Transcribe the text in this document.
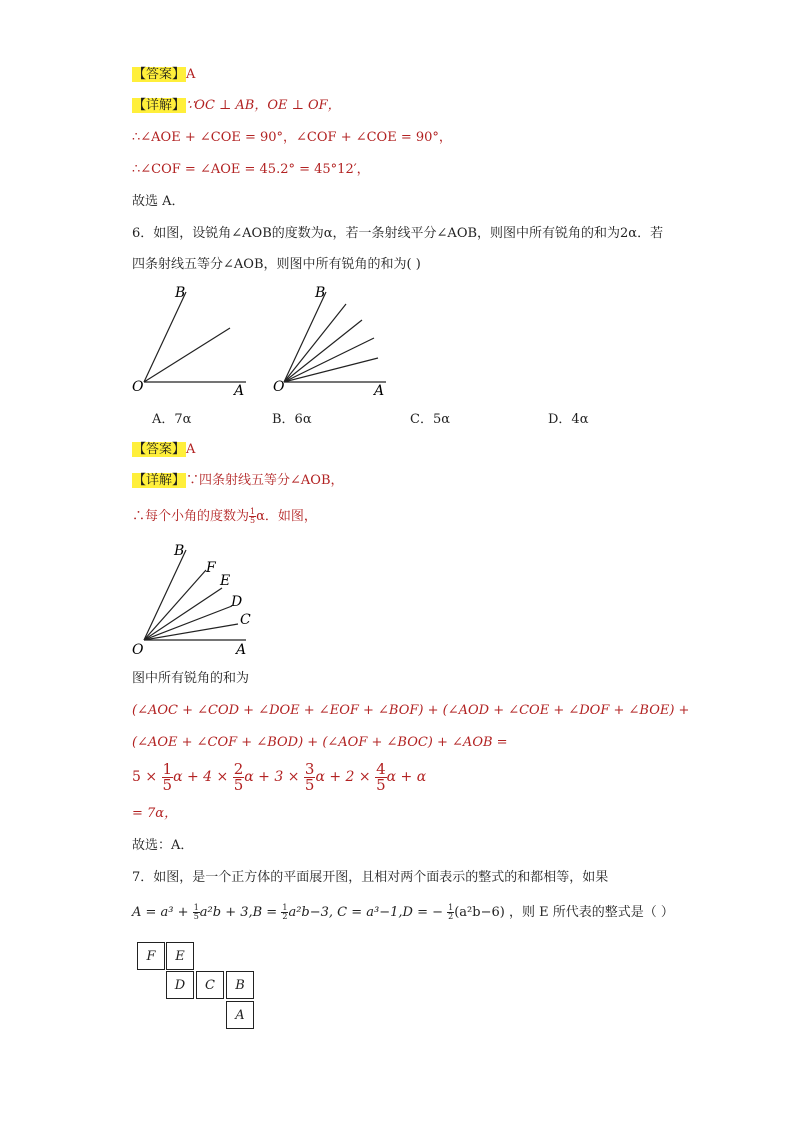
【答案】A
【详解】∵OC ⊥ AB，OE ⊥ OF，
∴∠AOE + ∠COE = 90°，∠COF + ∠COE = 90°，
∴∠COF = ∠AOE = 45.2° = 45°12′，
故选 A．
6．如图，设锐角∠AOB的度数为α，若一条射线平分∠AOB，则图中所有锐角的和为2α．若
四条射线五等分∠AOB，则图中所有锐角的和为( )
B
O	A
B
O	A
A．7α	B．6α	C．5α	D．4α
【答案】A
【详解】∵四条射线五等分∠AOB，
∴每个小角的度数为 $\frac{1}{5}$ α．如图，
B
F
E
D
C
O	A
图中所有锐角的和为
(∠AOC + ∠COD + ∠DOE + ∠EOF + ∠BOF) + (∠AOD + ∠COE + ∠DOF + ∠BOE) +
(∠AOE + ∠COF + ∠BOD) + (∠AOF + ∠BOC) + ∠AOB =
$5 \times \frac{1}{5}$ $\alpha + 4 \times \frac{2}{5}$ $\alpha + 3 \times \frac{3}{5}$ $\alpha + 2 \times \frac{4}{5}$ α + α
= 7α，
故选：A．
7．如图，是一个正方体的平面展开图，且相对两个面表示的整式的和都相等，如果
$A = a^3 + \frac{1}{5} a^2b + 3,B = \frac{1}{2} a^2b-3$, C = a³−1,D = − $\frac{1}{2} (a^2b-6)$ ，则 E 所代表的整式是（ ）
F	E
D	C	B
A
